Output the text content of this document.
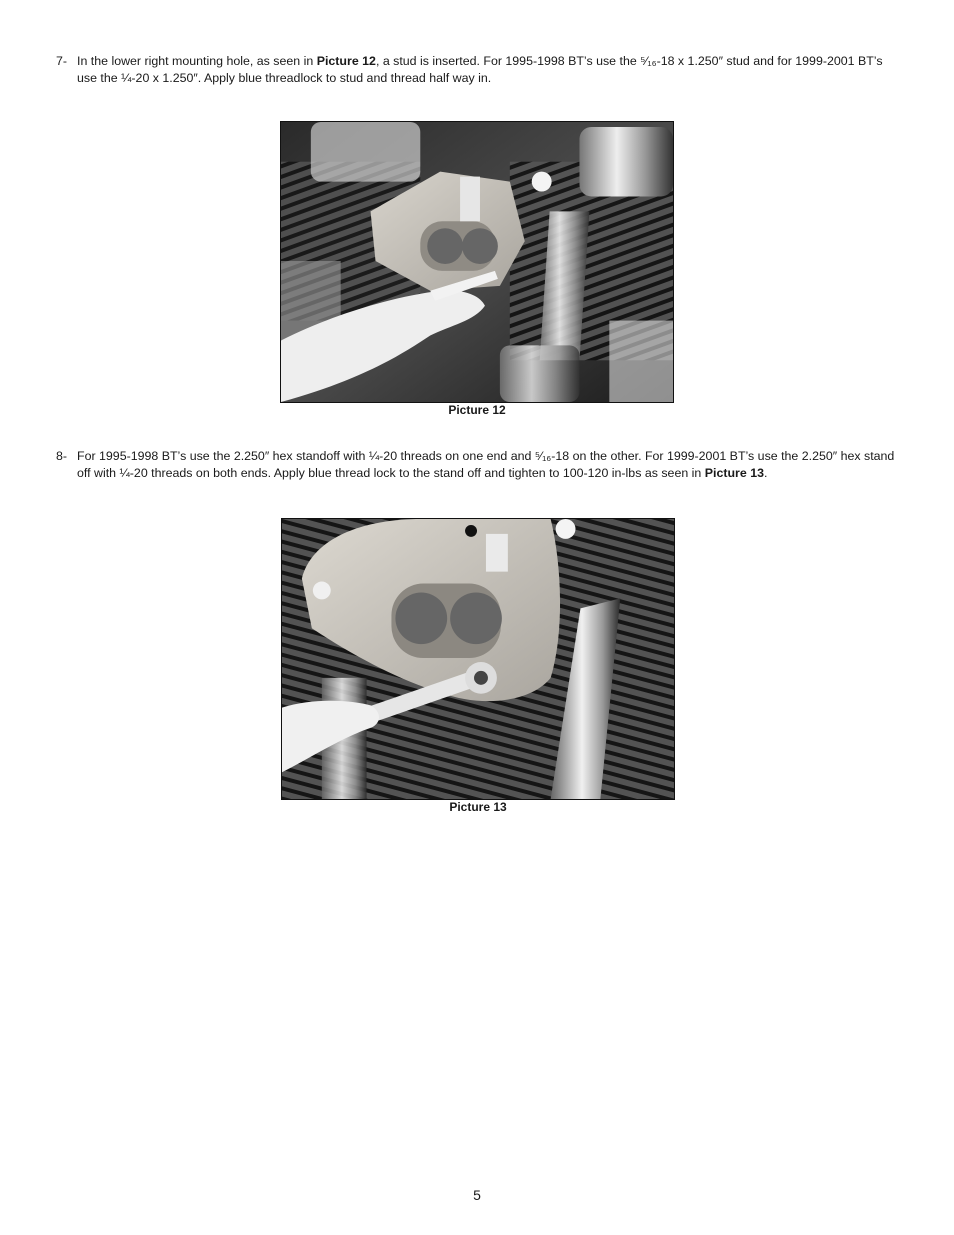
7- In the lower right mounting hole, as seen in Picture 12, a stud is inserted. For 1995-1998 BT’s use the ⁵⁄₁₆-18 x 1.250″ stud and for 1999-2001 BT’s use the ¼-20 x 1.250″. Apply blue threadlock to stud and thread half way in.
Picture 12
8- For 1995-1998 BT’s use the 2.250″ hex standoff with ¼-20 threads on one end and ⁵⁄₁₆-18 on the other. For 1999-2001 BT’s use the 2.250″ hex stand off with ¼-20 threads on both ends. Apply blue thread lock to the stand off and tighten to 100-120 in-lbs as seen in Picture 13.
Picture 13
5
